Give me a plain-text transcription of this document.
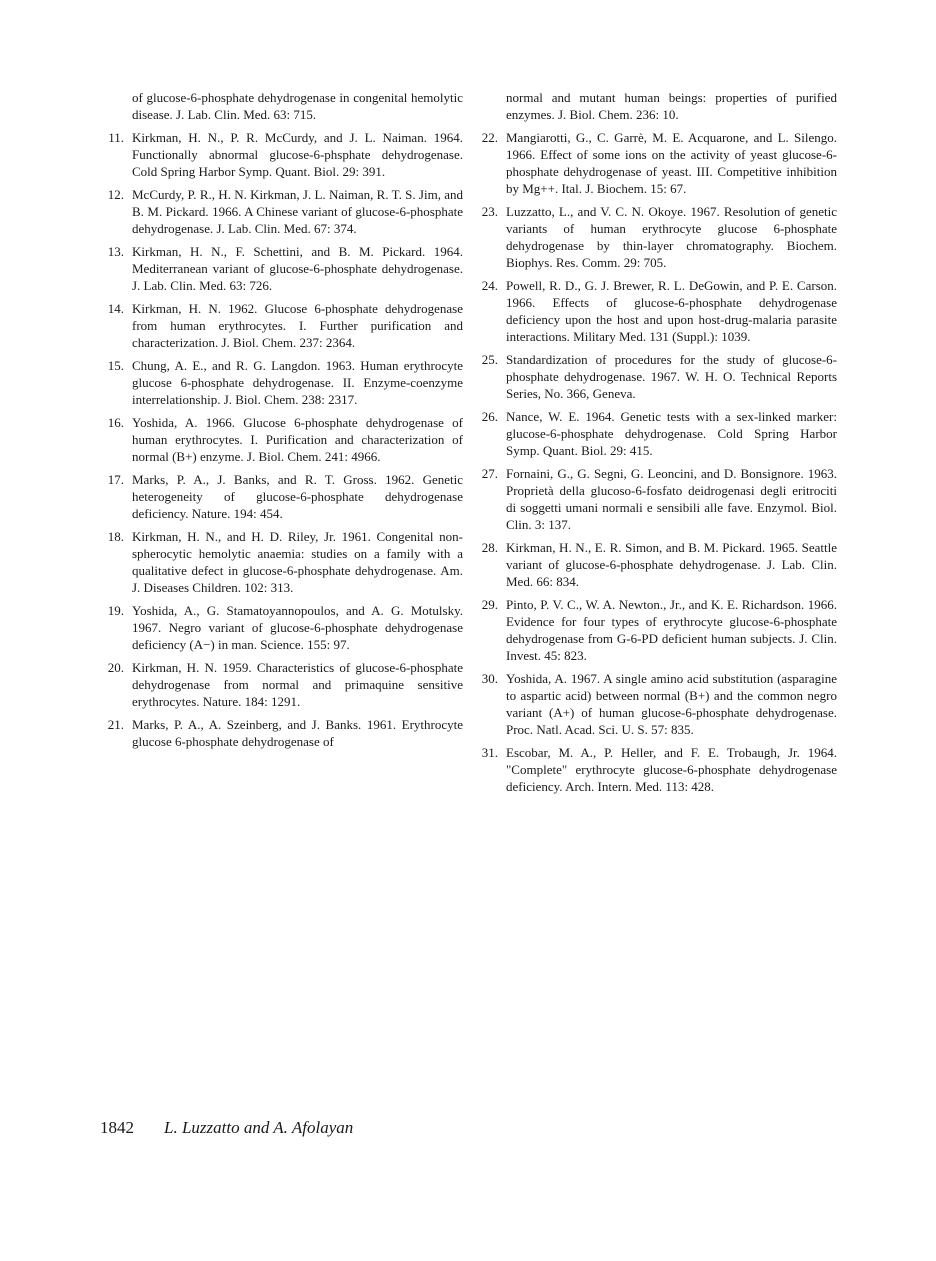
of glucose-6-phosphate dehydrogenase in congenital hemolytic disease. J. Lab. Clin. Med. 63: 715.
11. Kirkman, H. N., P. R. McCurdy, and J. L. Naiman. 1964. Functionally abnormal glucose-6-phsphate dehydrogenase. Cold Spring Harbor Symp. Quant. Biol. 29: 391.
12. McCurdy, P. R., H. N. Kirkman, J. L. Naiman, R. T. S. Jim, and B. M. Pickard. 1966. A Chinese variant of glucose-6-phosphate dehydrogenase. J. Lab. Clin. Med. 67: 374.
13. Kirkman, H. N., F. Schettini, and B. M. Pickard. 1964. Mediterranean variant of glucose-6-phosphate dehydrogenase. J. Lab. Clin. Med. 63: 726.
14. Kirkman, H. N. 1962. Glucose 6-phosphate dehydrogenase from human erythrocytes. I. Further purification and characterization. J. Biol. Chem. 237: 2364.
15. Chung, A. E., and R. G. Langdon. 1963. Human erythrocyte glucose 6-phosphate dehydrogenase. II. Enzyme-coenzyme interrelationship. J. Biol. Chem. 238: 2317.
16. Yoshida, A. 1966. Glucose 6-phosphate dehydrogenase of human erythrocytes. I. Purification and characterization of normal (B+) enzyme. J. Biol. Chem. 241: 4966.
17. Marks, P. A., J. Banks, and R. T. Gross. 1962. Genetic heterogeneity of glucose-6-phosphate dehydrogenase deficiency. Nature. 194: 454.
18. Kirkman, H. N., and H. D. Riley, Jr. 1961. Congenital non-spherocytic hemolytic anaemia: studies on a family with a qualitative defect in glucose-6-phosphate dehydrogenase. Am. J. Diseases Children. 102: 313.
19. Yoshida, A., G. Stamatoyannopoulos, and A. G. Motulsky. 1967. Negro variant of glucose-6-phosphate dehydrogenase deficiency (A−) in man. Science. 155: 97.
20. Kirkman, H. N. 1959. Characteristics of glucose-6-phosphate dehydrogenase from normal and primaquine sensitive erythrocytes. Nature. 184: 1291.
21. Marks, P. A., A. Szeinberg, and J. Banks. 1961. Erythrocyte glucose 6-phosphate dehydrogenase of
normal and mutant human beings: properties of purified enzymes. J. Biol. Chem. 236: 10.
22. Mangiarotti, G., C. Garrè, M. E. Acquarone, and L. Silengo. 1966. Effect of some ions on the activity of yeast glucose-6-phosphate dehydrogenase of yeast. III. Competitive inhibition by Mg++. Ital. J. Biochem. 15: 67.
23. Luzzatto, L., and V. C. N. Okoye. 1967. Resolution of genetic variants of human erythrocyte glucose 6-phosphate dehydrogenase by thin-layer chromatography. Biochem. Biophys. Res. Comm. 29: 705.
24. Powell, R. D., G. J. Brewer, R. L. DeGowin, and P. E. Carson. 1966. Effects of glucose-6-phosphate dehydrogenase deficiency upon the host and upon host-drug-malaria parasite interactions. Military Med. 131 (Suppl.): 1039.
25. Standardization of procedures for the study of glucose-6-phosphate dehydrogenase. 1967. W. H. O. Technical Reports Series, No. 366, Geneva.
26. Nance, W. E. 1964. Genetic tests with a sex-linked marker: glucose-6-phosphate dehydrogenase. Cold Spring Harbor Symp. Quant. Biol. 29: 415.
27. Fornaini, G., G. Segni, G. Leoncini, and D. Bonsignore. 1963. Proprietà della glucoso-6-fosfato deidrogenasi degli eritrociti di soggetti umani normali e sensibili alle fave. Enzymol. Biol. Clin. 3: 137.
28. Kirkman, H. N., E. R. Simon, and B. M. Pickard. 1965. Seattle variant of glucose-6-phosphate dehydrogenase. J. Lab. Clin. Med. 66: 834.
29. Pinto, P. V. C., W. A. Newton., Jr., and K. E. Richardson. 1966. Evidence for four types of erythrocyte glucose-6-phosphate dehydrogenase from G-6-PD deficient human subjects. J. Clin. Invest. 45: 823.
30. Yoshida, A. 1967. A single amino acid substitution (asparagine to aspartic acid) between normal (B+) and the common negro variant (A+) of human glucose-6-phosphate dehydrogenase. Proc. Natl. Acad. Sci. U. S. 57: 835.
31. Escobar, M. A., P. Heller, and F. E. Trobaugh, Jr. 1964. "Complete" erythrocyte glucose-6-phosphate dehydrogenase deficiency. Arch. Intern. Med. 113: 428.
1842 L. Luzzatto and A. Afolayan
